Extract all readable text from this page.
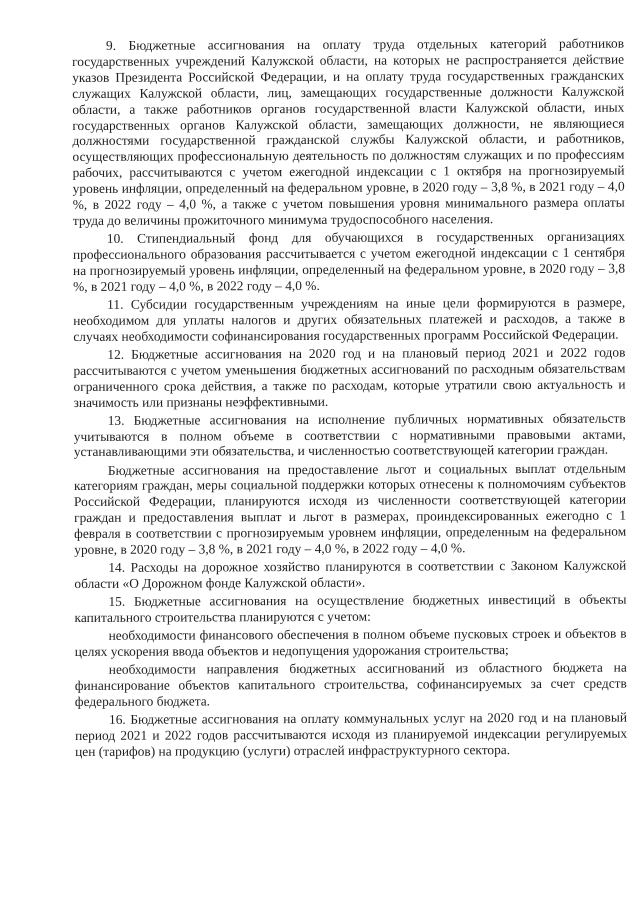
9. Бюджетные ассигнования на оплату труда отдельных категорий работников государственных учреждений Калужской области, на которых не распространяется действие указов Президента Российской Федерации, и на оплату труда государственных гражданских служащих Калужской области, лиц, замещающих государственные должности Калужской области, а также работников органов государственной власти Калужской области, иных государственных органов Калужской области, замещающих должности, не являющиеся должностями государственной гражданской службы Калужской области, и работников, осуществляющих профессиональную деятельность по должностям служащих и по профессиям рабочих, рассчитываются с учетом ежегодной индексации с 1 октября на прогнозируемый уровень инфляции, определенный на федеральном уровне, в 2020 году – 3,8 %, в 2021 году – 4,0 %, в 2022 году – 4,0 %, а также с учетом повышения уровня минимального размера оплаты труда до величины прожиточного минимума трудоспособного населения.

10. Стипендиальный фонд для обучающихся в государственных организациях профессионального образования рассчитывается с учетом ежегодной индексации с 1 сентября на прогнозируемый уровень инфляции, определенный на федеральном уровне, в 2020 году – 3,8 %, в 2021 году – 4,0 %, в 2022 году – 4,0 %.

11. Субсидии государственным учреждениям на иные цели формируются в размере, необходимом для уплаты налогов и других обязательных платежей и расходов, а также в случаях необходимости софинансирования государственных программ Российской Федерации.

12. Бюджетные ассигнования на 2020 год и на плановый период 2021 и 2022 годов рассчитываются с учетом уменьшения бюджетных ассигнований по расходным обязательствам ограниченного срока действия, а также по расходам, которые утратили свою актуальность и значимость или признаны неэффективными.

13. Бюджетные ассигнования на исполнение публичных нормативных обязательств учитываются в полном объеме в соответствии с нормативными правовыми актами, устанавливающими эти обязательства, и численностью соответствующей категории граждан.

Бюджетные ассигнования на предоставление льгот и социальных выплат отдельным категориям граждан, меры социальной поддержки которых отнесены к полномочиям субъектов Российской Федерации, планируются исходя из численности соответствующей категории граждан и предоставления выплат и льгот в размерах, проиндексированных ежегодно с 1 февраля в соответствии с прогнозируемым уровнем инфляции, определенным на федеральном уровне, в 2020 году – 3,8 %, в 2021 году – 4,0 %, в 2022 году – 4,0 %.

14. Расходы на дорожное хозяйство планируются в соответствии с Законом Калужской области «О Дорожном фонде Калужской области».

15. Бюджетные ассигнования на осуществление бюджетных инвестиций в объекты капитального строительства планируются с учетом:

необходимости финансового обеспечения в полном объеме пусковых строек и объектов в целях ускорения ввода объектов и недопущения удорожания строительства;

необходимости направления бюджетных ассигнований из областного бюджета на финансирование объектов капитального строительства, софинансируемых за счет средств федерального бюджета.

16. Бюджетные ассигнования на оплату коммунальных услуг на 2020 год и на плановый период 2021 и 2022 годов рассчитываются исходя из планируемой индексации регулируемых цен (тарифов) на продукцию (услуги) отраслей инфраструктурного сектора.
